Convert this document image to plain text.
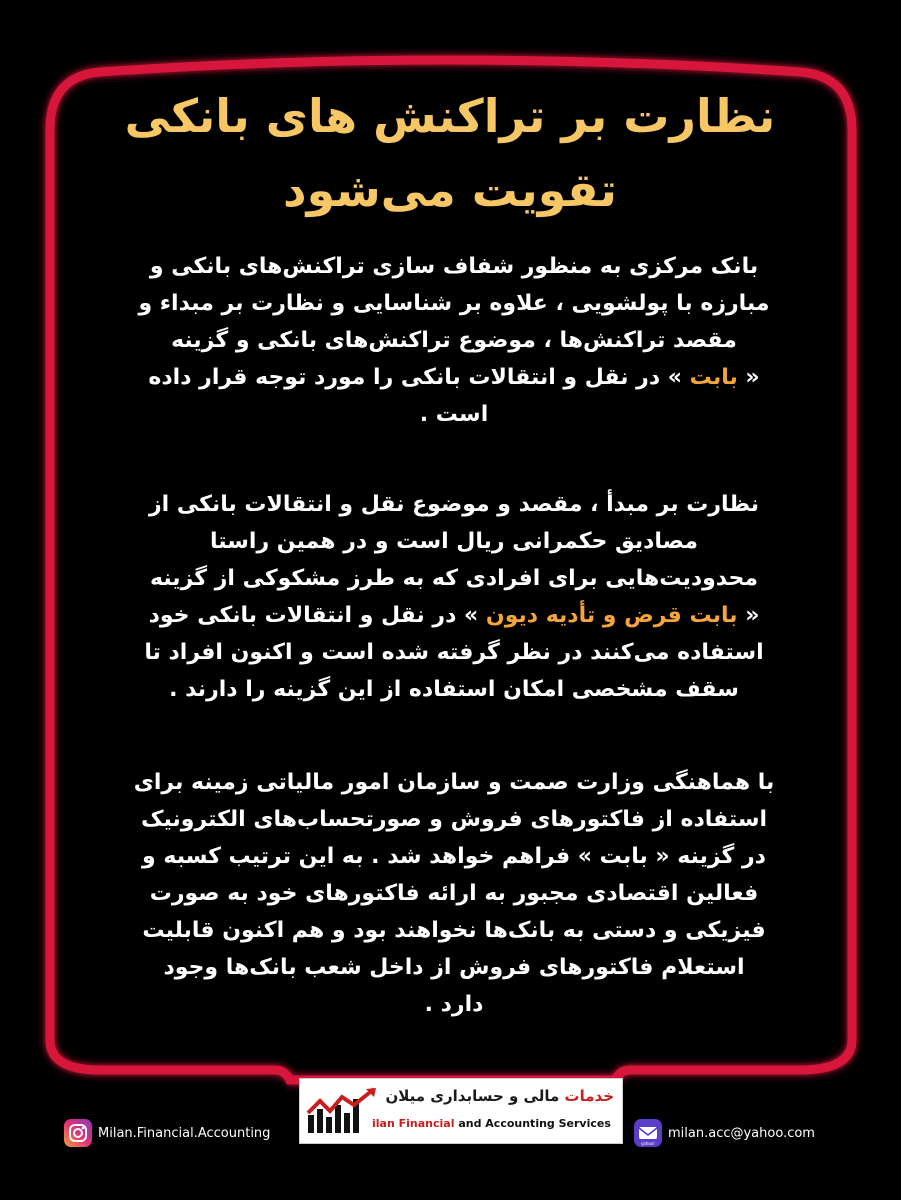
نظارت بر تراکنش های بانکی
تقویت می‌شود
بانک مرکزی به منظور شفاف سازی تراکنش‌های بانکی و
مبارزه با پولشویی ، علاوه بر شناسایی و نظارت بر مبداء و
مقصد تراکنش‌ها ، موضوع تراکنش‌های بانکی و گزینه
« بابت » در نقل و انتقالات بانکی را مورد توجه قرار داده
است .
نظارت بر مبدأ ، مقصد و موضوع نقل و انتقالات بانکی از
مصادیق حکمرانی ریال است و در همین راستا
محدودیت‌هایی برای افرادی که به طرز مشکوکی از گزینه
« بابت قرض و تأدیه دیون » در نقل و انتقالات بانکی خود
استفاده می‌کنند در نظر گرفته شده است و اکنون افراد تا
سقف مشخصی امکان استفاده از این گزینه را دارند .
با هماهنگی وزارت صمت و سازمان امور مالیاتی زمینه برای
استفاده از فاکتورهای فروش و صورتحساب‌های الکترونیک
در گزینه « بابت » فراهم خواهد شد . به این ترتیب کسبه و
فعالین اقتصادی مجبور به ارائه فاکتورهای خود به صورت
فیزیکی و دستی به بانک‌ها نخواهند بود و هم اکنون قابلیت
استعلام فاکتورهای فروش از داخل شعب بانک‌ها وجود
دارد .
خدمات مالی و حسابداری میلان
ilan Financial and Accounting Services
Milan.Financial.Accounting
yahoo!
milan.acc@yahoo.com
